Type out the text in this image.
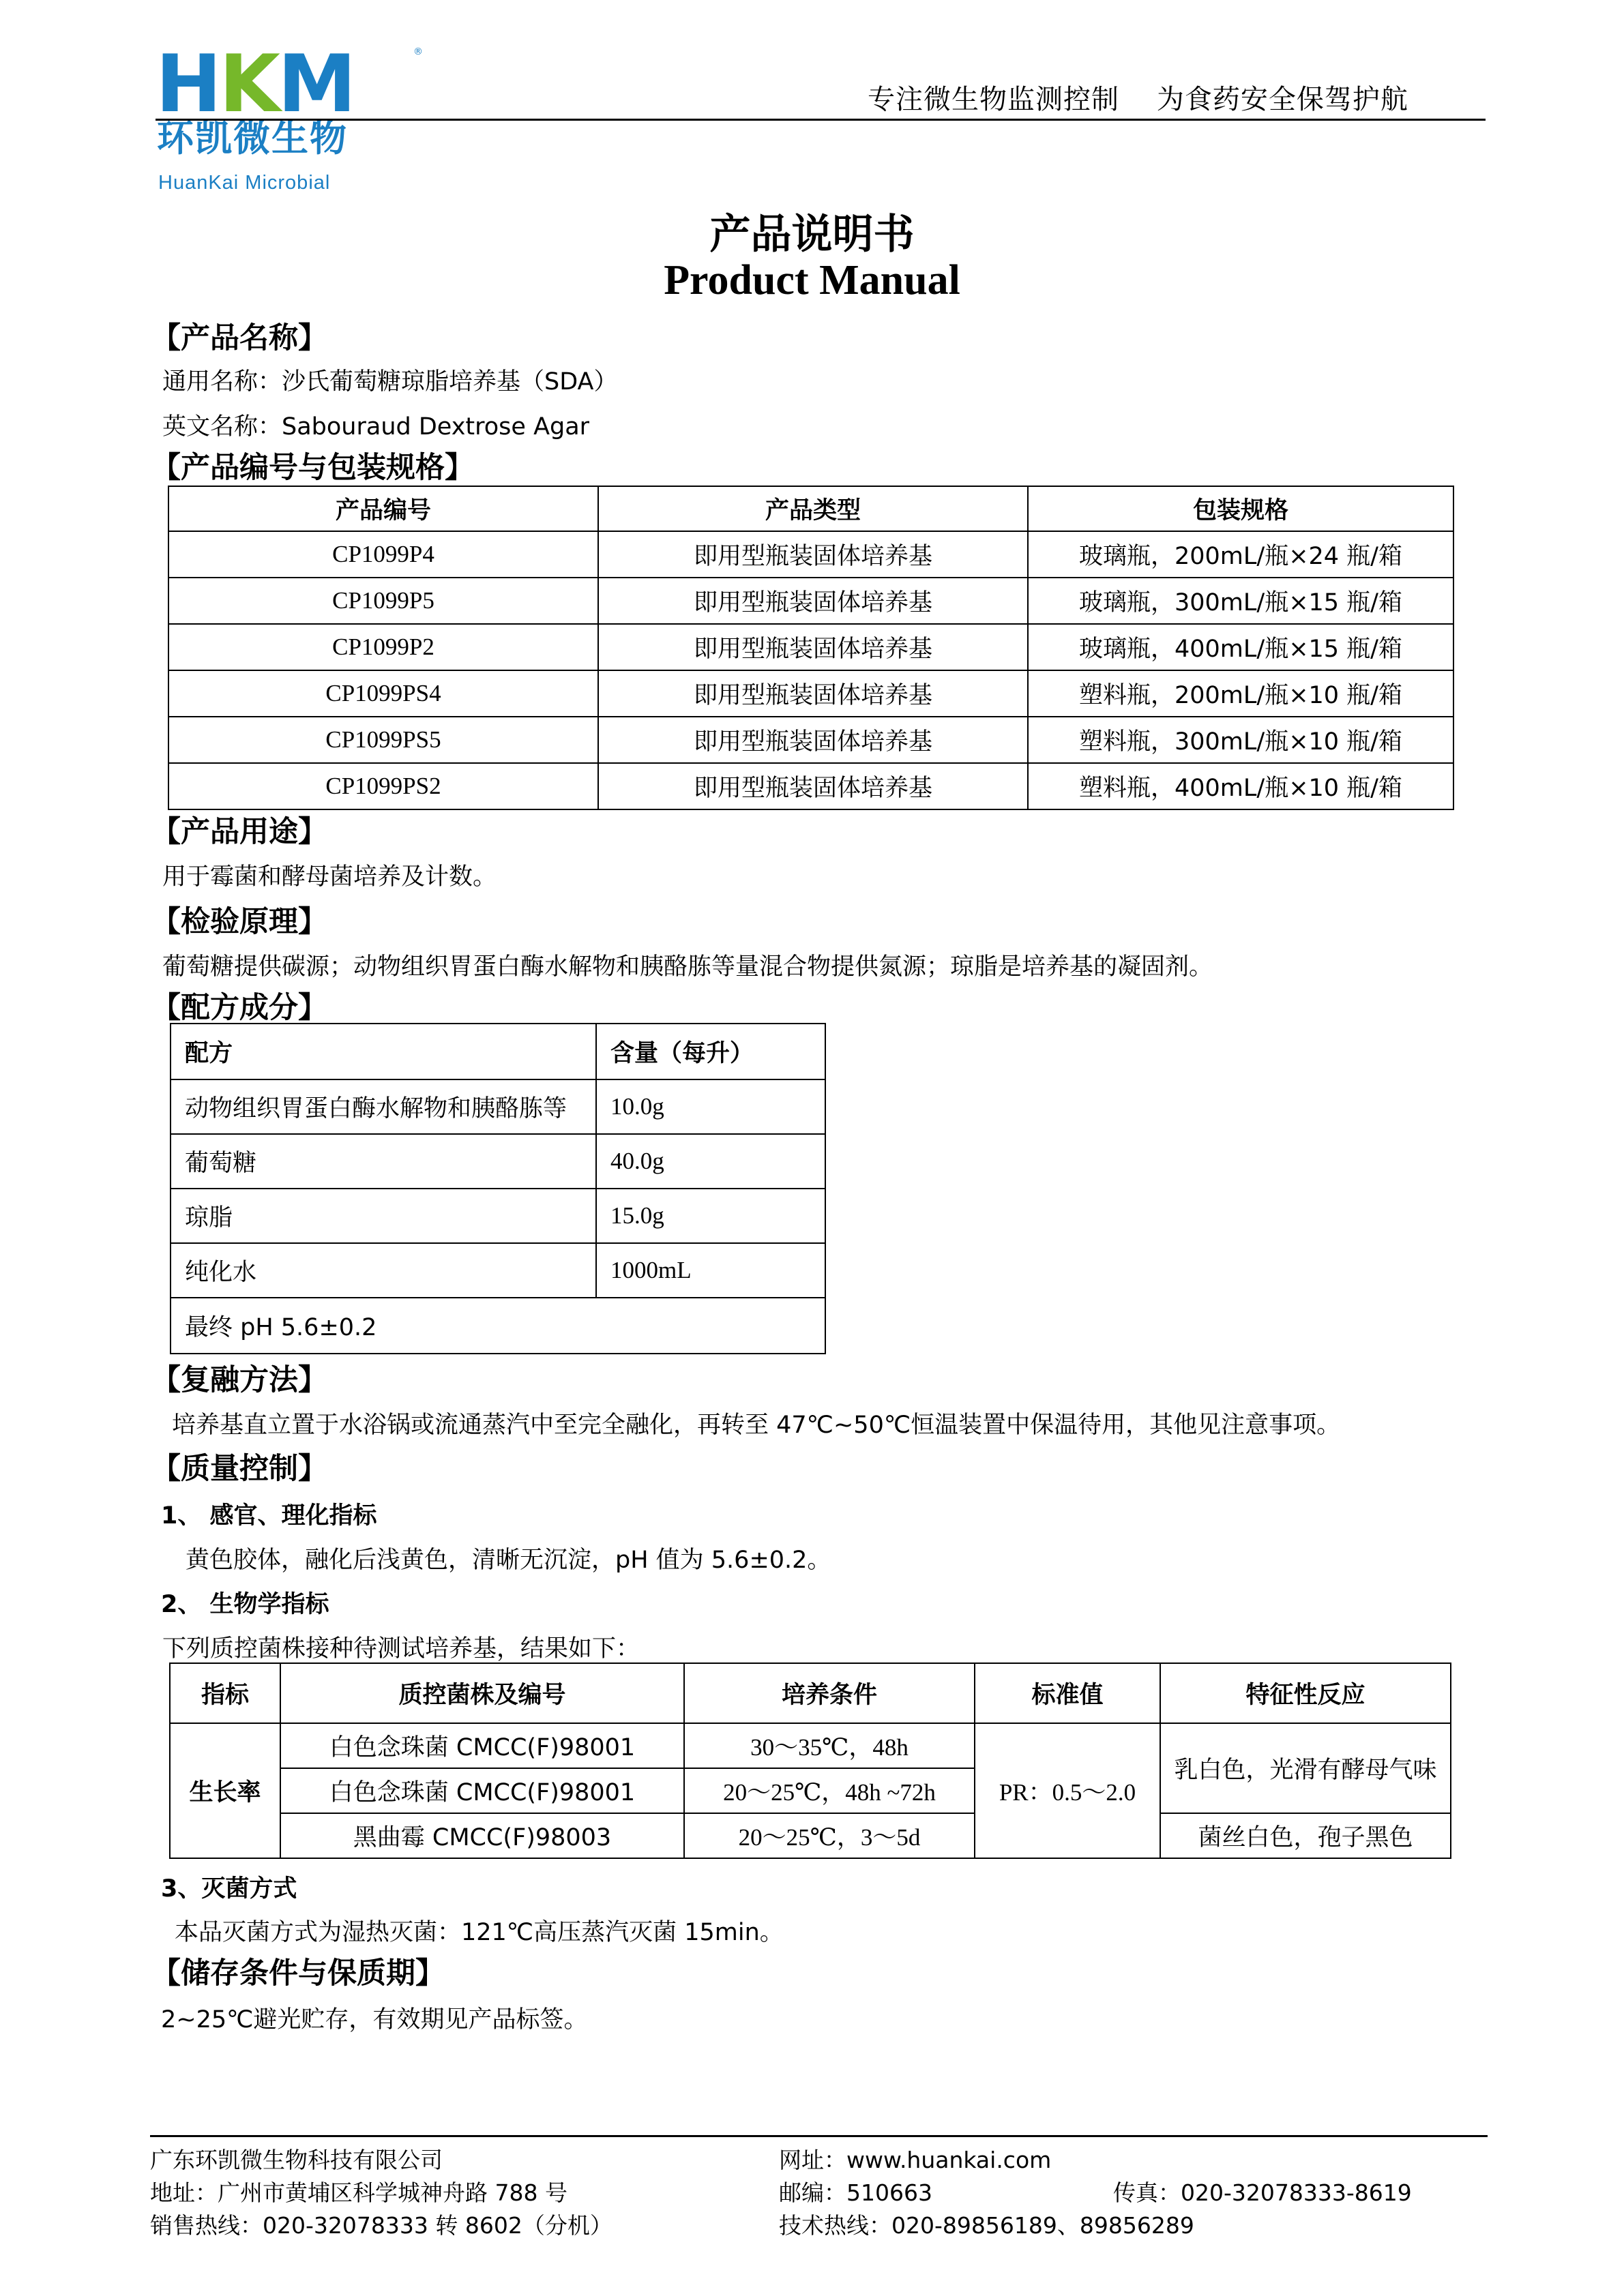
HKM	®
环凯微生物
HuanKai Microbial
专注微生物监测控制    为食药安全保驾护航
产品说明书
Product Manual
【产品名称】
通用名称：沙氏葡萄糖琼脂培养基（SDA）
英文名称：Sabouraud Dextrose Agar
【产品编号与包装规格】
产品编号	产品类型	包装规格
CP1099P4	即用型瓶装固体培养基	玻璃瓶，200mL/瓶×24 瓶/箱
CP1099P5	即用型瓶装固体培养基	玻璃瓶，300mL/瓶×15 瓶/箱
CP1099P2	即用型瓶装固体培养基	玻璃瓶，400mL/瓶×15 瓶/箱
CP1099PS4	即用型瓶装固体培养基	塑料瓶，200mL/瓶×10 瓶/箱
CP1099PS5	即用型瓶装固体培养基	塑料瓶，300mL/瓶×10 瓶/箱
CP1099PS2	即用型瓶装固体培养基	塑料瓶，400mL/瓶×10 瓶/箱
【产品用途】
用于霉菌和酵母菌培养及计数。
【检验原理】
葡萄糖提供碳源；动物组织胃蛋白酶水解物和胰酪胨等量混合物提供氮源；琼脂是培养基的凝固剂。
【配方成分】
配方	含量（每升）
动物组织胃蛋白酶水解物和胰酪胨等	10.0g
葡萄糖	40.0g
琼脂	15.0g
纯化水	1000mL
最终 pH 5.6±0.2	
【复融方法】
培养基直立置于水浴锅或流通蒸汽中至完全融化，再转至 47℃~50℃恒温装置中保温待用，其他见注意事项。
【质量控制】
1、 感官、理化指标
黄色胶体，融化后浅黄色，清晰无沉淀，pH 值为 5.6±0.2。
2、 生物学指标
下列质控菌株接种待测试培养基，结果如下：
指标	质控菌株及编号	培养条件	标准值	特征性反应
生长率	白色念珠菌 CMCC(F)98001	30～35℃，48h	PR：0.5～2.0	乳白色，光滑有酵母气味
	白色念珠菌 CMCC(F)98001	20～25℃，48h ~72h		
	黑曲霉 CMCC(F)98003	20～25℃，3～5d		菌丝白色，孢子黑色
3、灭菌方式
本品灭菌方式为湿热灭菌：121℃高压蒸汽灭菌 15min。
【储存条件与保质期】
2~25℃避光贮存，有效期见产品标签。
广东环凯微生物科技有限公司
地址：广州市黄埔区科学城神舟路 788 号
销售热线：020-32078333 转 8602（分机）
网址：www.huankai.com
邮编：510663
技术热线：020-89856189、89856289
传真：020-32078333-8619
